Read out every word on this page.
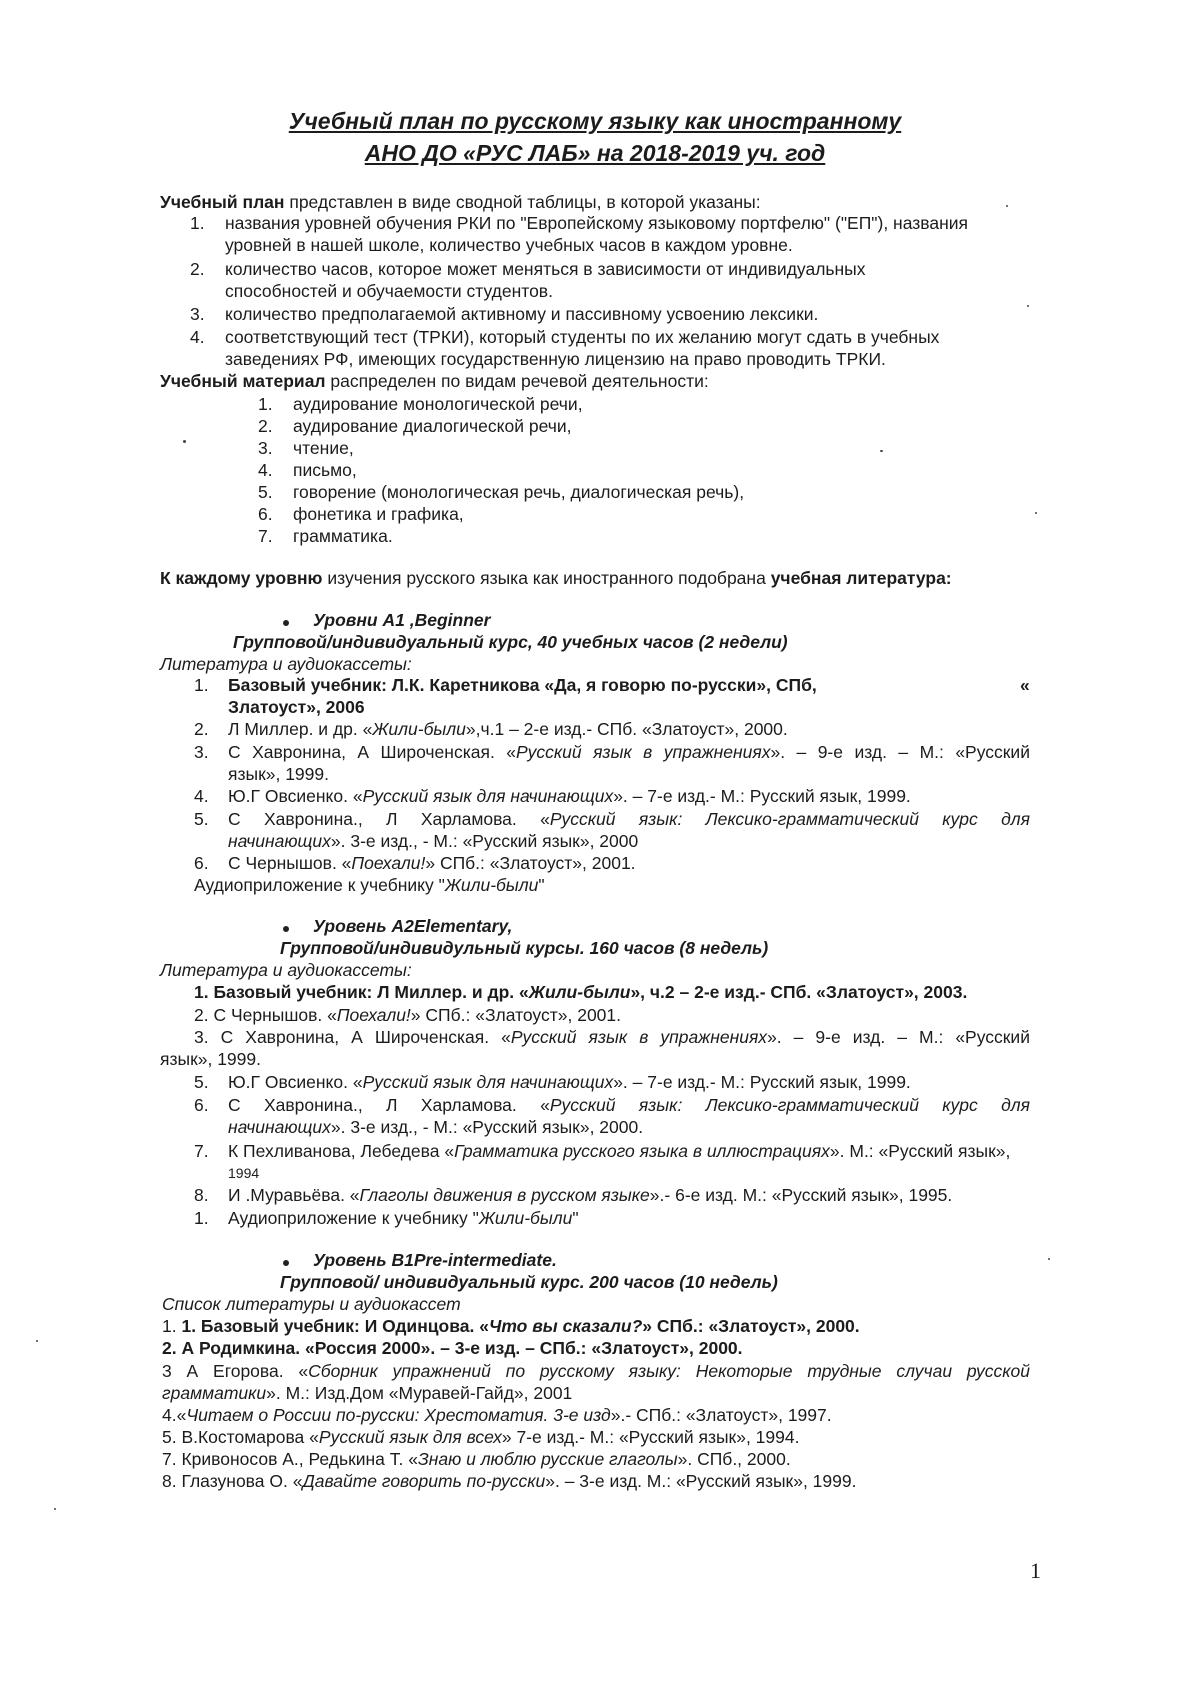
Учебный план по русскому языку как иностранному
АНО ДО «РУС ЛАБ» на 2018-2019 уч. год
Учебный план представлен в виде сводной таблицы, в которой указаны:
1. названия уровней обучения РКИ по "Европейскому языковому портфелю" ("ЕП"), названия
уровней в нашей школе, количество учебных часов в каждом уровне.
2. количество часов, которое может меняться в зависимости от индивидуальных
способностей и обучаемости студентов.
3. количество предполагаемой активному и пассивному усвоению лексики.
4. соответствующий тест (ТРКИ), который студенты по их желанию могут сдать в учебных
заведениях РФ, имеющих государственную лицензию на право проводить ТРКИ.
Учебный материал распределен по видам речевой деятельности:
1. аудирование монологической речи,
2. аудирование диалогической речи,
3. чтение,
4. письмо,
5. говорение (монологическая речь, диалогическая речь),
6. фонетика и графика,
7. грамматика.
К каждому уровню изучения русского языка как иностранного подобрана учебная литература:
Уровни А1 ,Beginner
Групповой/индивидуальный курс, 40 учебных часов (2 недели)
Литература и аудиокассеты:
1. Базовый учебник: Л.К. Каретникова «Да, я говорю по-русски», СПб,	«
Златоуст», 2006
2. Л Миллер. и др. «Жили-были»,ч.1 – 2-е изд.- СПб. «Златоуст», 2000.
3. С Хавронина, А Широченская. «Русский язык в упражнениях». – 9-е изд. – М.: «Русский
язык», 1999.
4. Ю.Г Овсиенко. «Русский язык для начинающих». – 7-е изд.- М.: Русский язык, 1999.
5. С Хавронина., Л Харламова. «Русский язык: Лексико-грамматический курс для
начинающих». 3-е изд., - М.: «Русский язык», 2000
6. С Чернышов. «Поехали!» СПб.: «Златоуст», 2001.
Аудиоприложение к учебнику "Жили-были"
Уровень А2Elementary,
Групповой/индивидульный курсы. 160 часов (8 недель)
Литература и аудиокассеты:
1. Базовый учебник: Л Миллер. и др. «Жили-были», ч.2 – 2-е изд.- СПб. «Златоуст», 2003.
2. С Чернышов. «Поехали!» СПб.: «Златоуст», 2001.
3. С Хавронина, А Широченская. «Русский язык в упражнениях». – 9-е изд. – М.: «Русский
язык», 1999.
5. Ю.Г Овсиенко. «Русский язык для начинающих». – 7-е изд.- М.: Русский язык, 1999.
6. С Хавронина., Л Харламова. «Русский язык: Лексико-грамматический курс для
начинающих». 3-е изд., - М.: «Русский язык», 2000.
7. К Пехливанова, Лебедева «Грамматика русского языка в иллюстрациях». М.: «Русский язык»,
1994
8. И .Муравьёва. «Глаголы движения в русском языке».- 6-е изд. М.: «Русский язык», 1995.
1. Аудиоприложение к учебнику "Жили-были"
Уровень B1Pre-intermediate.
Групповой/ индивидуальный курс. 200 часов (10 недель)
Список литературы и аудиокассет
1. 1. Базовый учебник: И Одинцова. «Что вы сказали?» СПб.: «Златоуст», 2000.
2. А Родимкина. «Россия 2000». – 3-е изд. – СПб.: «Златоуст», 2000.
3 А Егорова. «Сборник упражнений по русскому языку: Некоторые трудные случаи русской
грамматики». М.: Изд.Дом «Муравей-Гайд», 2001
4.«Читаем о России по-русски: Хрестоматия. 3-е изд».- СПб.: «Златоуст», 1997.
5. В.Костомарова «Русский язык для всех» 7-е изд.- М.: «Русский язык», 1994.
7. Кривоносов А., Редькина Т. «Знаю и люблю русские глаголы». СПб., 2000.
8. Глазунова О. «Давайте говорить по-русски». – 3-е изд. М.: «Русский язык», 1999.
1
